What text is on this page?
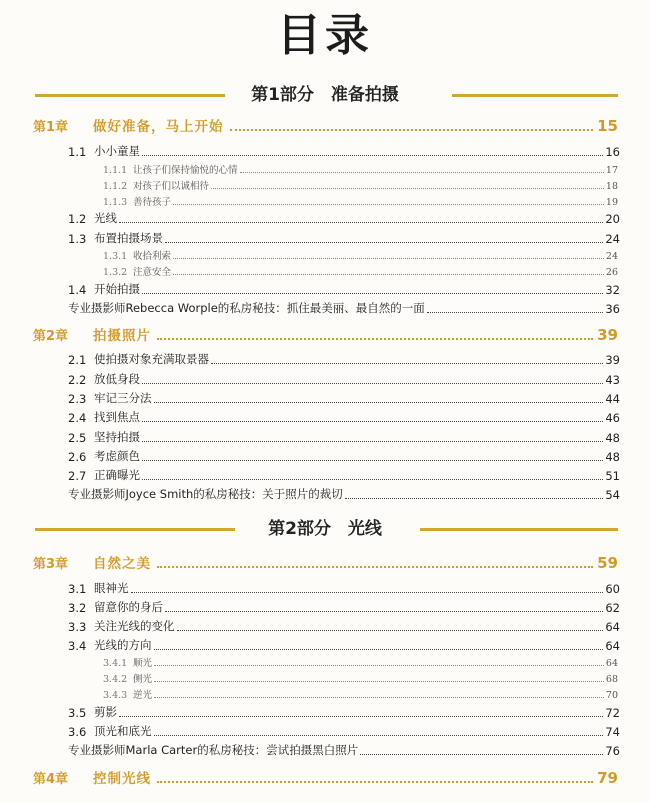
目录
第1部分　准备拍摄
第1章	做好准备，马上开始	15
1.1 小小童星	16
1.1.1 让孩子们保持愉悦的心情	17
1.1.2 对孩子们以诚相待	18
1.1.3 善待孩子	19
1.2 光线	20
1.3 布置拍摄场景	24
1.3.1 收拾利索	24
1.3.2 注意安全	26
1.4 开始拍摄	32
专业摄影师Rebecca Worple的私房秘技：抓住最美丽、最自然的一面	36
第2章	拍摄照片	39
2.1 使拍摄对象充满取景器	39
2.2 放低身段	43
2.3 牢记三分法	44
2.4 找到焦点	46
2.5 坚持拍摄	48
2.6 考虑颜色	48
2.7 正确曝光	51
专业摄影师Joyce Smith的私房秘技：关于照片的裁切	54
第2部分　光线
第3章	自然之美	59
3.1 眼神光	60
3.2 留意你的身后	62
3.3 关注光线的变化	64
3.4 光线的方向	64
3.4.1 顺光	64
3.4.2 侧光	68
3.4.3 逆光	70
3.5 剪影	72
3.6 顶光和底光	74
专业摄影师Marla Carter的私房秘技：尝试拍摄黑白照片	76
第4章	控制光线	79
